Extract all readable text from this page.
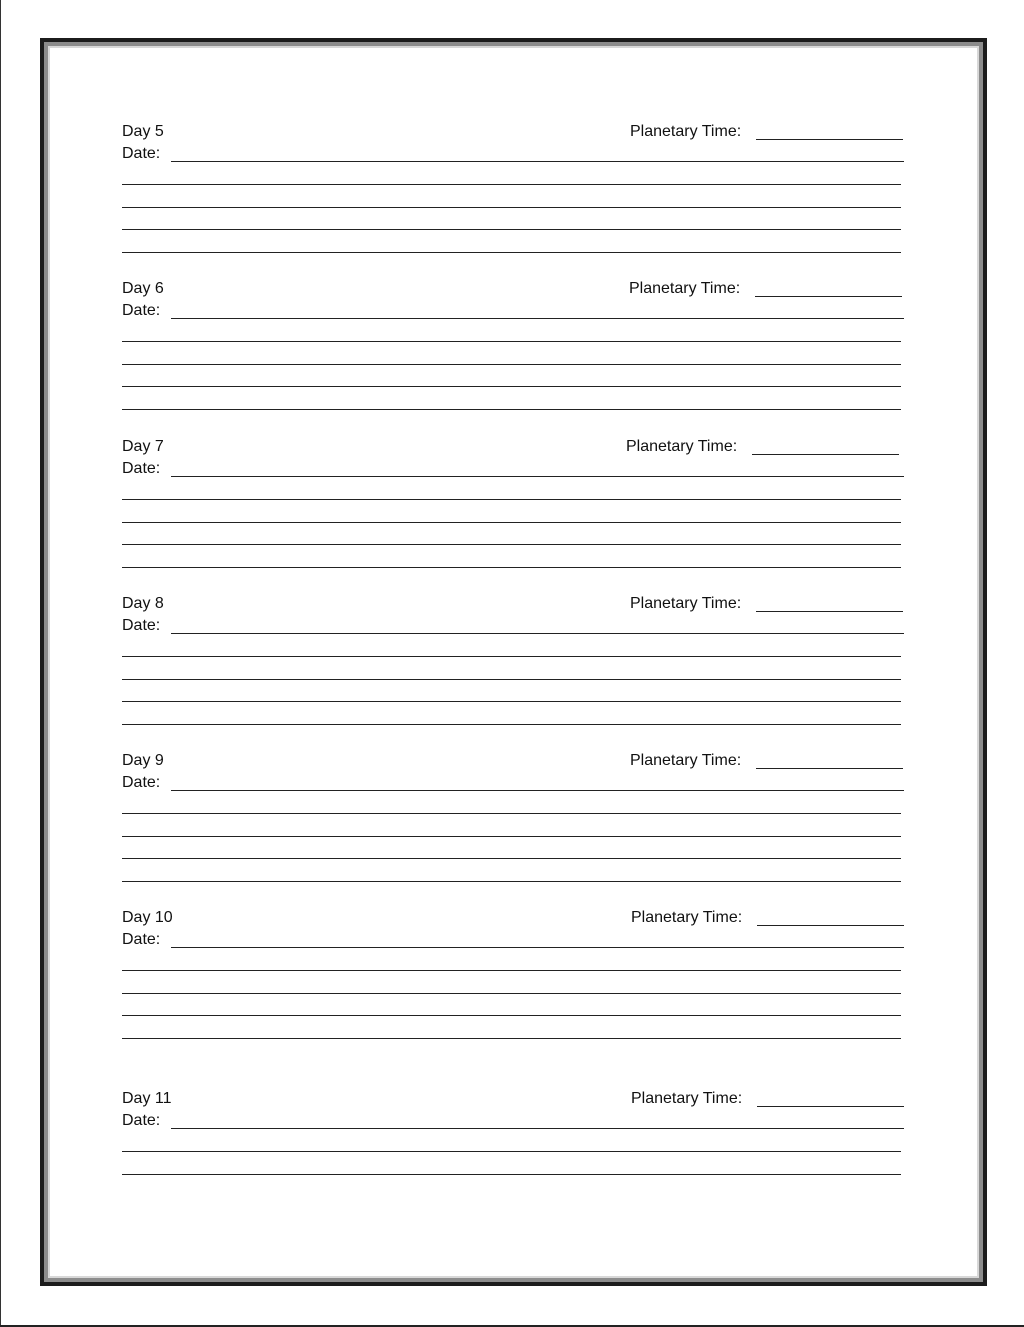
Day 5	Planetary Time:
Date:
Day 6	Planetary Time:
Date:
Day 7	Planetary Time:
Date:
Day 8	Planetary Time:
Date:
Day 9	Planetary Time:
Date:
Day 10	Planetary Time:
Date:
Day 11	Planetary Time:
Date:
